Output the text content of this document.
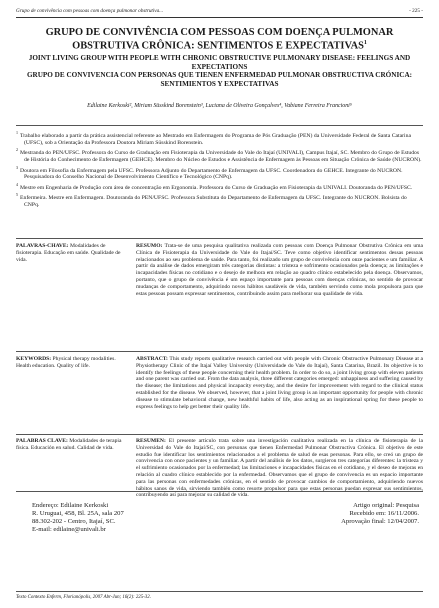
Grupo de convivência com pessoas com doença pulmonar obstrutiva...	- 225 -

GRUPO DE CONVIVÊNCIA COM PESSOAS COM DOENÇA PULMONAR OBSTRUTIVA CRÔNICA: SENTIMENTOS E EXPECTATIVAS$^1$

JOINT LIVING GROUP WITH PEOPLE WITH CHRONIC OBSTRUCTIVE PULMONARY DISEASE: FEELINGS AND EXPECTATIONS

GRUPO DE CONVIVENCIA CON PERSONAS QUE TIENEN ENFERMEDAD PULMONAR OBSTRUCTIVA CRÓNICA: SENTIMIENTOS Y EXPECTATIVAS

Edilaine Kerkoski², Miriam Süsskind Borenstein³, Luciana de Oliveira Gonçalves⁴, Vabiane Ferreira Francioni⁵

$^1$Trabalho elaborado a partir da prática assistencial referente ao Mestrado em Enfermagem do Programa de Pós Graduação (PEN) da Universidade Federal de Santa Catarina (UFSC), sob a Orientação da Professora Doutora Miriam Süsskind Borenstein.

$^2$Mestranda do PEN/UFSC. Professora do Curso de Graduação em Fisioterapia da Universidade do Vale do Itajaí (UNIVALI), Campus Itajaí, SC. Membro do Grupo de Estudos de História do Conhecimento de Enfermagem (GEHCE). Membro do Núcleo de Estudos e Assistência de Enfermagem às Pessoas em Situação Crônica de Saúde (NUCRON).

$^3$Doutora em Filosofia da Enfermagem pela UFSC. Professora Adjunto do Departamento de Enfermagem da UFSC. Coordenadora do GEHCE. Integrante do NUCRON. Pesquisadora do Conselho Nacional de Desenvolvimento Científico e Tecnológico (CNPq).

$^4$Mestre em Engenharia de Produção com área de concentração em Ergonomia. Professora do Curso de Graduação em Fisioterapia da UNIVALI. Doutoranda do PEN/UFSC.

$^5$Enfermeira. Mestre em Enfermagem. Doutoranda do PEN/UFSC. Professora Substituta do Departamento de Enfermagem da UFSC. Integrante do NUCRON. Bolsista do CNPq.

PALAVRAS-CHAVE: Modalidades de fisioterapia. Educação em saúde. Qualidade de vida.
RESUMO: Trata-se de uma pesquisa qualitativa realizada com pessoas com Doença Pulmonar Obstrutiva Crônica em uma Clínica de Fisioterapia da Universidade do Vale do Itajaí/SC. Teve como objetivo identificar sentimentos dessas pessoas relacionados ao seu problema de saúde. Para tanto, foi realizado um grupo de convivência com onze pacientes e um familiar. A partir da análise de dados emergiram três categorias distintas: a tristeza e sofrimento ocasionados pela doença; as limitações e incapacidades físicas no cotidiano e o desejo de melhora em relação ao quadro clínico estabelecido pela doença. Observamos, portanto, que o grupo de convivência é um espaço importante para pessoas com doenças crônicas, no sentido de provocar mudanças de comportamento, adquirindo novos hábitos saudáveis de vida, também servindo como mola propulsora para que estas pessoas possam expressar sentimentos, contribuindo assim para melhorar sua qualidade de vida.
KEYWORDS: Physical therapy modalities. Health education. Quality of life.
ABSTRACT: This study reports qualitative research carried out with people with Chronic Obstructive Pulmonary Disease at a Physiotherapy Clinic of the Itajaí Valley University (Universidade do Vale do Itajaí), Santa Catarina, Brazil. Its objective is to identify the feelings of these people concerning their health problem. In order to do so, a joint living group with eleven patients and one parent was carried out. From the data analysis, three different categories emerged: unhappiness and suffering caused by the disease; the limitations and physical incapacity everyday, and the desire for improvement with regard to the clinical status established for the disease. We observed, however, that a joint living group is an important opportunity for people with chronic disease to stimulate behavioral change, new healthful habits of life, also acting as an inspirational spring for these people to express feelings to help get better their quality life.
PALABRAS CLAVE: Modalidades de terapia física. Educación en salud. Calidad de vida.
RESUMEN: El presente artículo trata sobre una investigación cualitativa realizada en la clínica de fisioterapia de la Universidad do Vale do Itajaí/SC, con personas que tienen Enfermedad Pulmonar Obstructiva Crónica. El objetivo de este estudio fue identificar los sentimientos relacionados a el problema de salud de esas personas. Para ello, se creó un grupo de convivencia con once pacientes y un familiar. A partir del análisis de los datos, surgieron tres categorías diferentes: la tristeza y el sufrimiento ocasionados por la enfermedad; las limitaciones e incapacidades físicas en el cotidiano, y el deseo de mejoras en relación al cuadro clínico establecido por la enfermedad. Observamos que el grupo de convivencia es un espacio importante para las personas con enfermedades crónicas, en el sentido de provocar cambios de comportamiento, adquiriendo nuevos hábitos sanos de vida, sirviendo también como resorte propulsor para que estas personas puedan expresar sus sentimientos, contribuyendo así para mejorar su calidad de vida.
Endereço: Edilaine Kerkoski
R. Uruguai, 458, Bl. 25A, sala 207
88.302-202 - Centro, Itajaí, SC.
E-mail: edilaine@univali.br
Artigo original: Pesquisa
Recebido em: 16/11/2006.
Aprovação final: 12/04/2007.
Texto Contexto Enferm, Florianópolis, 2007 Abr-Jun; 16(2): 225-32.
